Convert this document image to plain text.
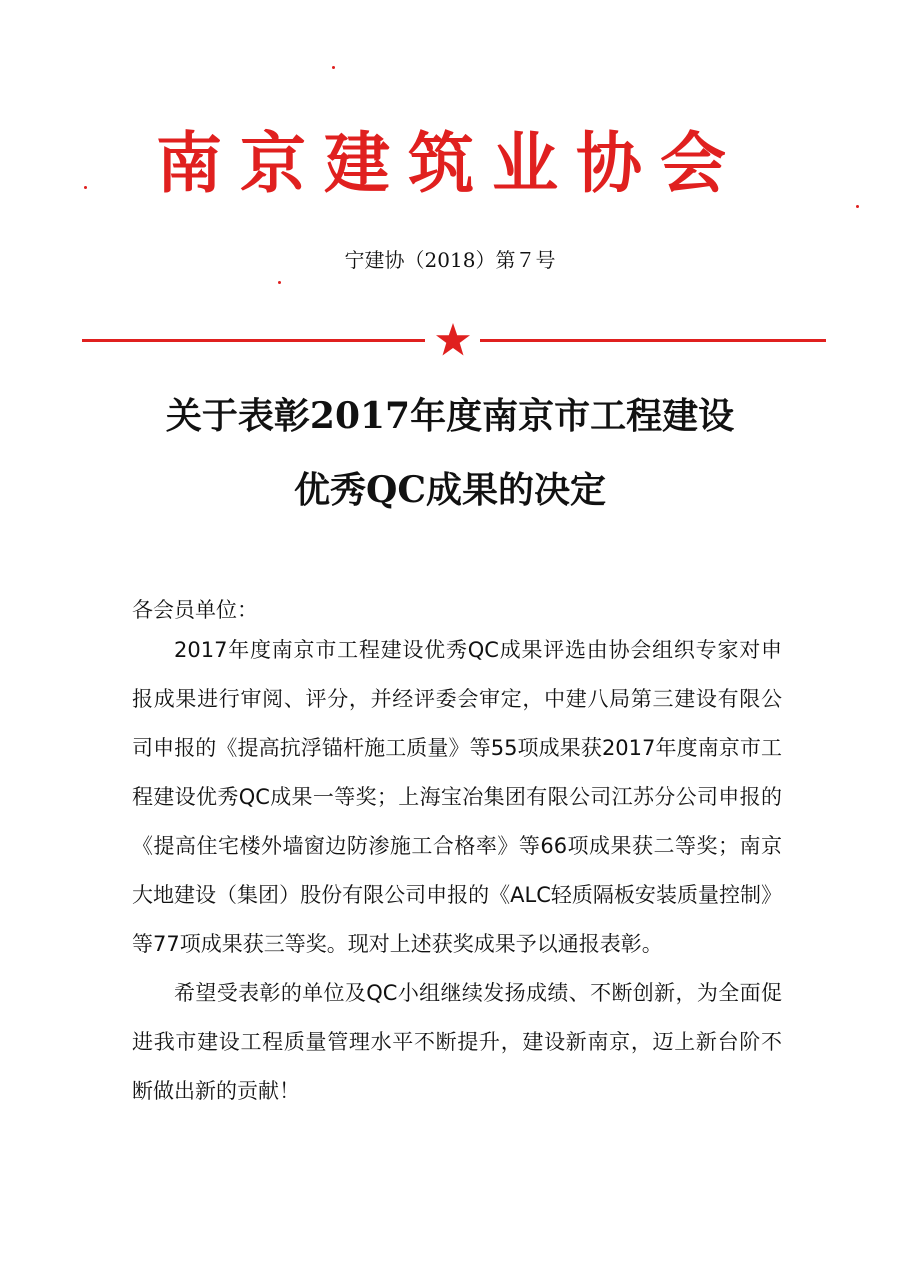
南京建筑业协会
宁建协（2018）第７号
关于表彰2017年度南京市工程建设
优秀QC成果的决定
各会员单位：
2017年度南京市工程建设优秀QC成果评选由协会组织专家对申报成果进行审阅、评分，并经评委会审定，中建八局第三建设有限公司申报的《提高抗浮锚杆施工质量》等55项成果获2017年度南京市工程建设优秀QC成果一等奖；上海宝冶集团有限公司江苏分公司申报的《提高住宅楼外墙窗边防渗施工合格率》等66项成果获二等奖；南京大地建设（集团）股份有限公司申报的《ALC轻质隔板安装质量控制》等77项成果获三等奖。现对上述获奖成果予以通报表彰。
希望受表彰的单位及QC小组继续发扬成绩、不断创新，为全面促进我市建设工程质量管理水平不断提升，建设新南京，迈上新台阶不断做出新的贡献！
